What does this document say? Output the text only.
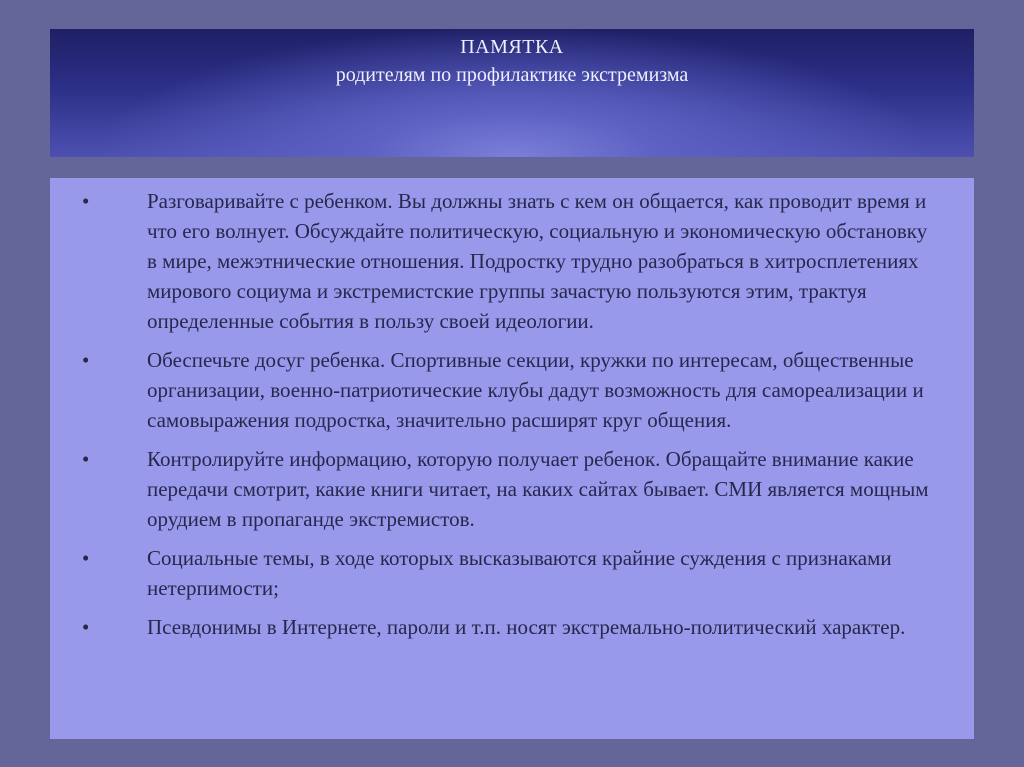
ПАМЯТКА
родителям по профилактике экстремизма
•	Разговаривайте с ребенком. Вы должны знать с кем он общается, как проводит время и что его волнует. Обсуждайте политическую, социальную и экономическую обстановку в мире, межэтнические отношения. Подростку трудно разобраться в хитросплетениях мирового социума и экстремистские группы зачастую пользуются этим, трактуя определенные события в пользу своей идеологии.
•	Обеспечьте досуг ребенка. Спортивные секции, кружки по интересам, общественные организации, военно-патриотические клубы дадут возможность для самореализации и самовыражения подростка, значительно расширят круг общения.
•	Контролируйте информацию, которую получает ребенок. Обращайте внимание какие передачи смотрит, какие книги читает, на каких сайтах бывает. СМИ является мощным орудием в пропаганде экстремистов.
•	Социальные темы, в ходе которых высказываются крайние суждения с признаками нетерпимости;
•	Псевдонимы в Интернете, пароли и т.п. носят экстремально-политический характер.
